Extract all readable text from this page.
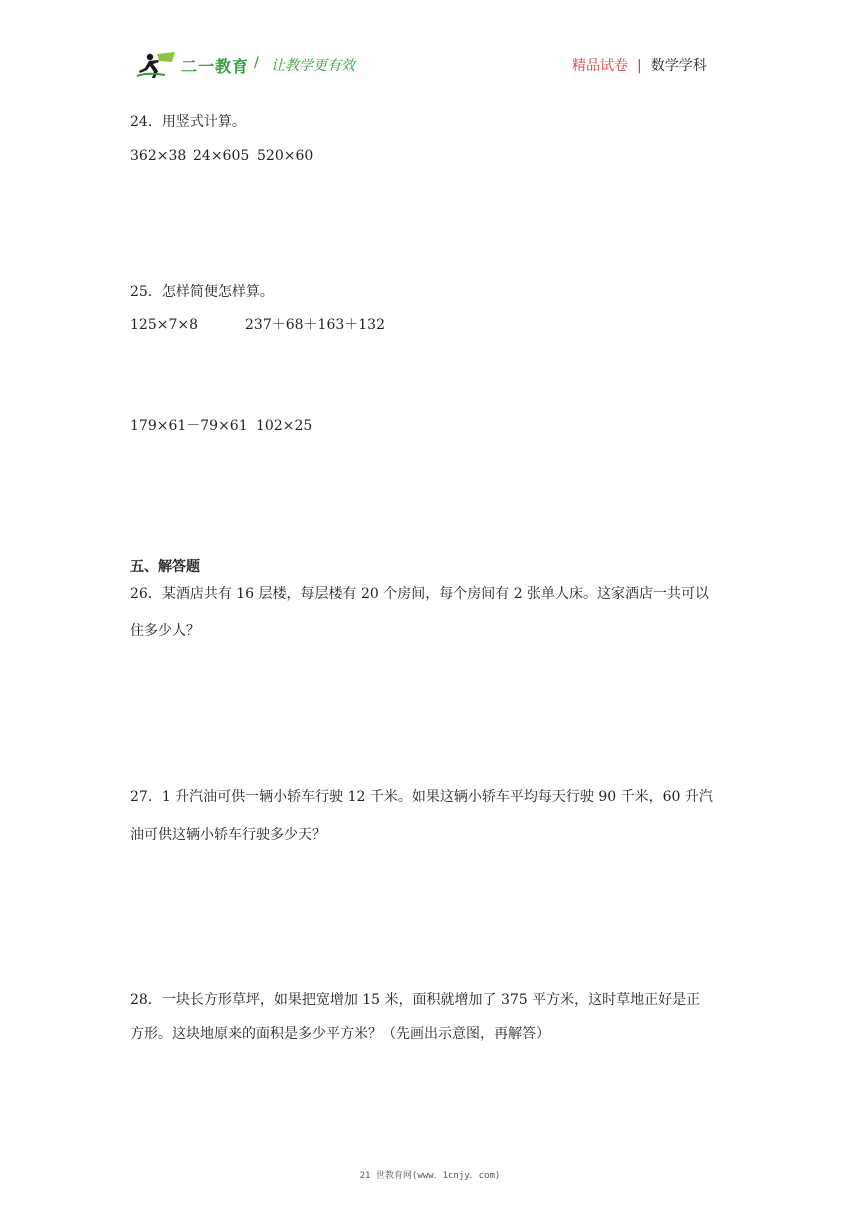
二一教育 / 让教学更有效	精品试卷 | 数学学科
24．用竖式计算。
362×38 24×605 520×60
25．怎样简便怎样算。
125×7×8	237＋68＋163＋132
179×61－79×61 102×25
五、解答题
26．某酒店共有 16 层楼，每层楼有 20 个房间，每个房间有 2 张单人床。这家酒店一共可以
住多少人？
27．1 升汽油可供一辆小轿车行驶 12 千米。如果这辆小轿车平均每天行驶 90 千米，60 升汽
油可供这辆小轿车行驶多少天？
28．一块长方形草坪，如果把宽增加 15 米，面积就增加了 375 平方米，这时草地正好是正
方形。这块地原来的面积是多少平方米？（先画出示意图，再解答）
21 世教育网(www．1cnjy．com)
